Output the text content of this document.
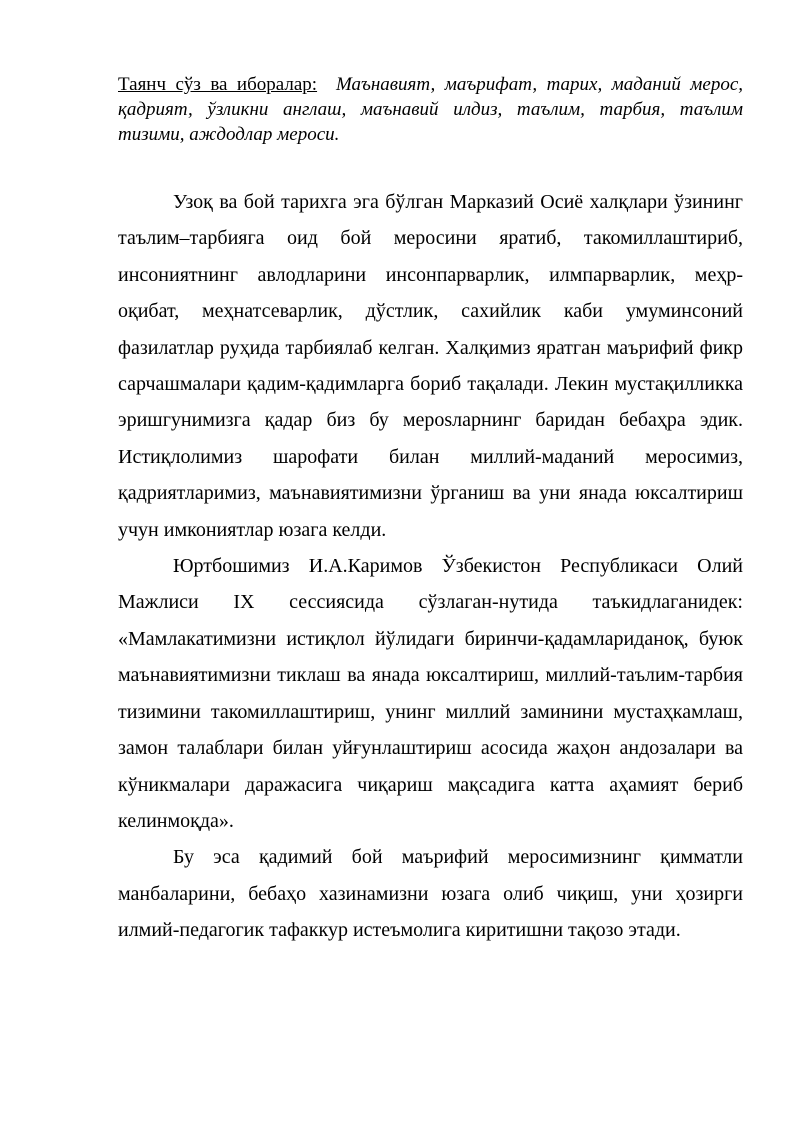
Таянч сўз ва иборалар: Маънавият, маърифат, тарих, маданий мерос, қадрият, ўзликни англаш, маънавий илдиз, таълим, тарбия, таълим тизими, аждодлар мероси.

Узоқ ва бой тарихга эга бўлган Марказий Осиё халқлари ўзининг таълим–тарбияга оид бой меросини яратиб, такомиллаштириб, инсониятнинг авлодларини инсонпарварлик, илмпарварлик, меҳр-оқибат, меҳнатсеварлик, дўстлик, сахийлик каби умуминсоний фазилатлар руҳида тарбиялаб келган. Халқимиз яратган маърифий фикр сарчашмалари қадим-қадимларга бориб тақалади. Лекин мустақилликка эришгунимизга қадар биз бу мерosларнинг баридан бебаҳра эдик. Истиқлолимиз шарофати билан миллий-маданий меросимиз, қадриятларимиз, маънавиятимизни ўрганиш ва уни янада юксалтириш учун имкониятлар юзага келди.

Юртбошимиз И.А.Каримов Ўзбекистон Республикаси Олий Мажлиси IX сессиясида сўзлаган-нутида таъкидлаганидек: «Мамлакатимизни истиқлол йўлидаги биринчи-қадамлариданоқ, буюк маънавиятимизни тиклаш ва янада юксалтириш, миллий-таълим-тарбия тизимини такомиллаштириш, унинг миллий заминини мустаҳкамлаш, замон талаблари билан уйғунлаштириш асосида жаҳон андозалари ва кўникмалари даражасига чиқариш мақсадига катта аҳамият бериб келинмоқда».

Бу эса қадимий бой маърифий меросимизнинг қимматли манбаларини, бебаҳо хазинамизни юзага олиб чиқиш, уни ҳозирги илмий-педагогик тафаккур истеъмолига киритишни тақозо этади.
